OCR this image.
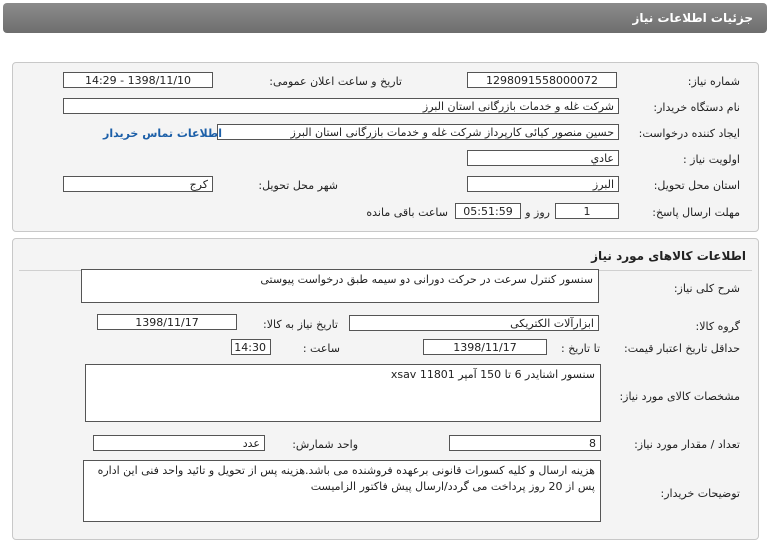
جزئیات اطلاعات نیاز
شماره نیاز:
1298091558000072
تاریخ و ساعت اعلان عمومی:
1398/11/10 - 14:29
نام دستگاه خریدار:
شرکت غله و خدمات بازرگانی استان البرز
ایجاد کننده درخواست:
حسین منصور کیائی کارپرداز شرکت غله و خدمات بازرگانی استان البرز
اطلاعات تماس خریدار
اولویت نیاز :
عادي
استان محل تحویل:
البرز
شهر محل تحویل:
کرج
مهلت ارسال پاسخ:
1
روز و
05:51:59
ساعت باقی مانده
اطلاعات کالاهای مورد نیاز
شرح کلی نیاز:
سنسور کنترل سرعت در حرکت دورانی دو سیمه طبق درخواست پیوستی
گروه کالا:
ابزارآلات الکتریکی
تاریخ نیاز به کالا:
1398/11/17
حداقل تاریخ اعتبار قیمت:
تا تاریخ :
1398/11/17
ساعت :
14:30
مشخصات کالای مورد نیاز:
سنسور اشنایدر 6 تا 150 آمپر xsav 11801
تعداد / مقدار مورد نیاز:
8
واحد شمارش:
عدد
توضیحات خریدار:
هزینه ارسال و کلیه کسورات قانونی برعهده فروشنده می باشد.هزینه پس از تحویل و تائید واحد فنی این اداره پس از 20 روز پرداخت می گردد/ارسال پیش فاکتور الزامیست
